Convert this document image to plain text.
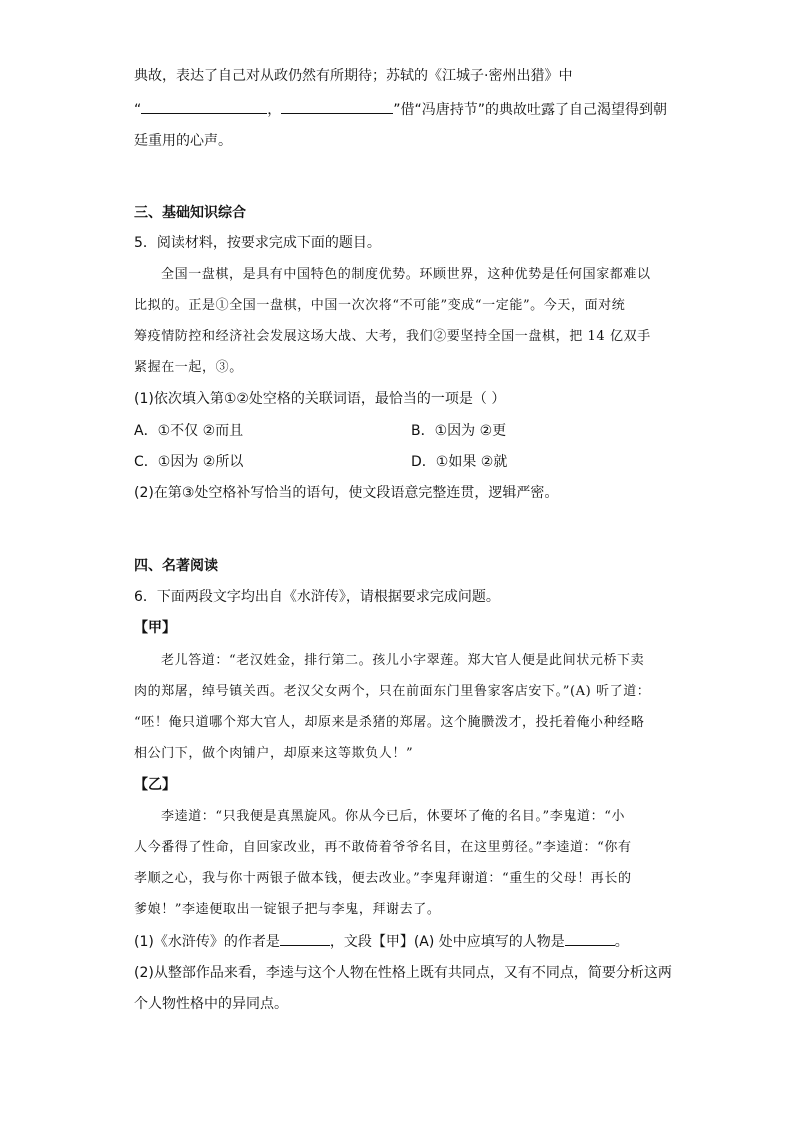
典故，表达了自己对从政仍然有所期待；苏轼的《江城子·密州出猎》中
“	，	”借“冯唐持节”的典故吐露了自己渴望得到朝
廷重用的心声。
三、基础知识综合
5．阅读材料，按要求完成下面的题目。
全国一盘棋，是具有中国特色的制度优势。环顾世界，这种优势是任何国家都难以
比拟的。正是①全国一盘棋，中国一次次将“不可能”变成“一定能”。今天，面对统
筹疫情防控和经济社会发展这场大战、大考，我们②要坚持全国一盘棋，把 14 亿双手
紧握在一起，③。
(1)依次填入第①②处空格的关联词语，最恰当的一项是（ ）
A．①不仅 ②而且	B．①因为 ②更
C．①因为 ②所以	D．①如果 ②就
(2)在第③处空格补写恰当的语句，使文段语意完整连贯，逻辑严密。
四、名著阅读
6．下面两段文字均出自《水浒传》，请根据要求完成问题。
【甲】
老儿答道：“老汉姓金，排行第二。孩儿小字翠莲。郑大官人便是此间状元桥下卖
肉的郑屠，绰号镇关西。老汉父女两个，只在前面东门里鲁家客店安下。”(A) 听了道：
“呸！俺只道哪个郑大官人，却原来是杀猪的郑屠。这个腌臜泼才，投托着俺小种经略
相公门下，做个肉铺户，却原来这等欺负人！”
【乙】
李逵道：“只我便是真黑旋风。你从今已后，休要坏了俺的名目。”李鬼道：“小
人今番得了性命，自回家改业，再不敢倚着爷爷名目，在这里剪径。”李逵道：“你有
孝顺之心，我与你十两银子做本钱，便去改业。”李鬼拜谢道：“重生的父母！再长的
爹娘！”李逵便取出一锭银子把与李鬼，拜谢去了。
(1)《水浒传》的作者是	，文段【甲】(A) 处中应填写的人物是	。
(2)从整部作品来看，李逵与这个人物在性格上既有共同点，又有不同点，简要分析这两
个人物性格中的异同点。
